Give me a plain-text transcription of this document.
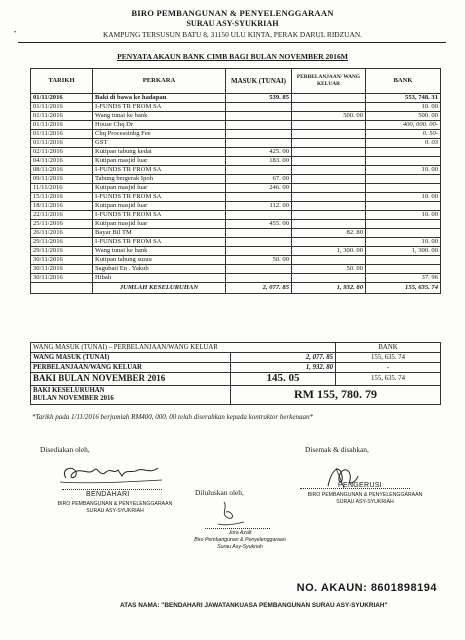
•
BIRO PEMBANGUNAN & PENYELENGGARAAN
SURAU ASY-SYUKRIAH
KAMPUNG TERSUSUN BATU 8, 31150 ULU KINTA, PERAK DARUL RIDZUAN.
PENYATA AKAUN BANK CIMB BAGI BULAN NOVEMBER 2016M
TARIKH	PERKARA	MASUK (TUNAI)	PERBELANJAAN/ WANG KELUAR	BANK
01/11/2016	Baki di bawa ke hadapan	539. 85		553, 748. 31
01/11/2016	I-FUNDS TR FROM SA			10. 00
01/11/2016	Wang tunai ke bank		500. 00	500. 00
01/11/2016	House Chq Dr			400, 000. 00-
01/11/2016	Chq Processinbg Fee			0. 50-
01/11/2016	GST			0. 03
02/11/2016	Kutipan tabung kedai	425. 00		
04/11/2016	Kutipan masjid luar	183. 00		
08/11/2016	I-FUNDS TR FROM SA			10. 00
09/11/2016	Tabung bergerak Ipoh	67. 00		
11/11/2016	Kutipan masjid luar	246. 00		
15/11/2016	I-FUNDS TR FROM SA			10. 00
18/11/2016	Kutipan masjid luar	112. 00		
22/11/2016	I-FUNDS TR FROM SA			10. 00
25/11/2016	Kutipan masjid luar	455. 00		
26/11/2016	Bayar Bil TM		82. 80	
29/11/2016	I-FUNDS TR FROM SA			10. 00
29/11/2016	Wang tunai ke bank		1, 300. 00	1, 300. 00
30/11/2016	Kutipan tabung surau	50. 00		
30/11/2016	Sagubati En . Yakub		50. 00	
30/11/2016	Hibah			37. 96
	JUMLAH KESELURUHAN	2, 077. 85	1, 932. 80	155, 635. 74
WANG MASUK (TUNAI) – PERBELANJAAN/WANG KELUAR		BANK
WANG MASUK (TUNAI)	2, 077. 85	155, 635. 74
PERBELANJAAN/WANG KELUAR	1, 932. 80	-
BAKI BULAN NOVEMBER 2016	145. 05	155, 635. 74

BAKI KESELURUHAN
BULAN NOVEMBER 2016	RM 155, 780. 79	
*Tarikh pada 1/11/2016 berjumlah RM400, 000. 00 telah diserahkan kepada kontraktor berkenaan*
Disediakan oleh,	Disemak & disahkan,
Diluluskan oleh,
BENDAHARI
BIRO PEMBANGUNAN & PENYELENGGARAAN
SURAU ASY-SYUKRIAH
PENGERUSI
BIRO PEMBANGUNAN & PENYELENGGARAAN
SURAU ASY-SYUKRIAH
Jora Azalt
Biro Pembangunan & Penyelenggaraan
Surau Asy-Syukriah
NO. AKAUN: 8601898194
ATAS NAMA: "BENDAHARI JAWATANKUASA PEMBANGUNAN SURAU ASY-SYUKRIAH"
